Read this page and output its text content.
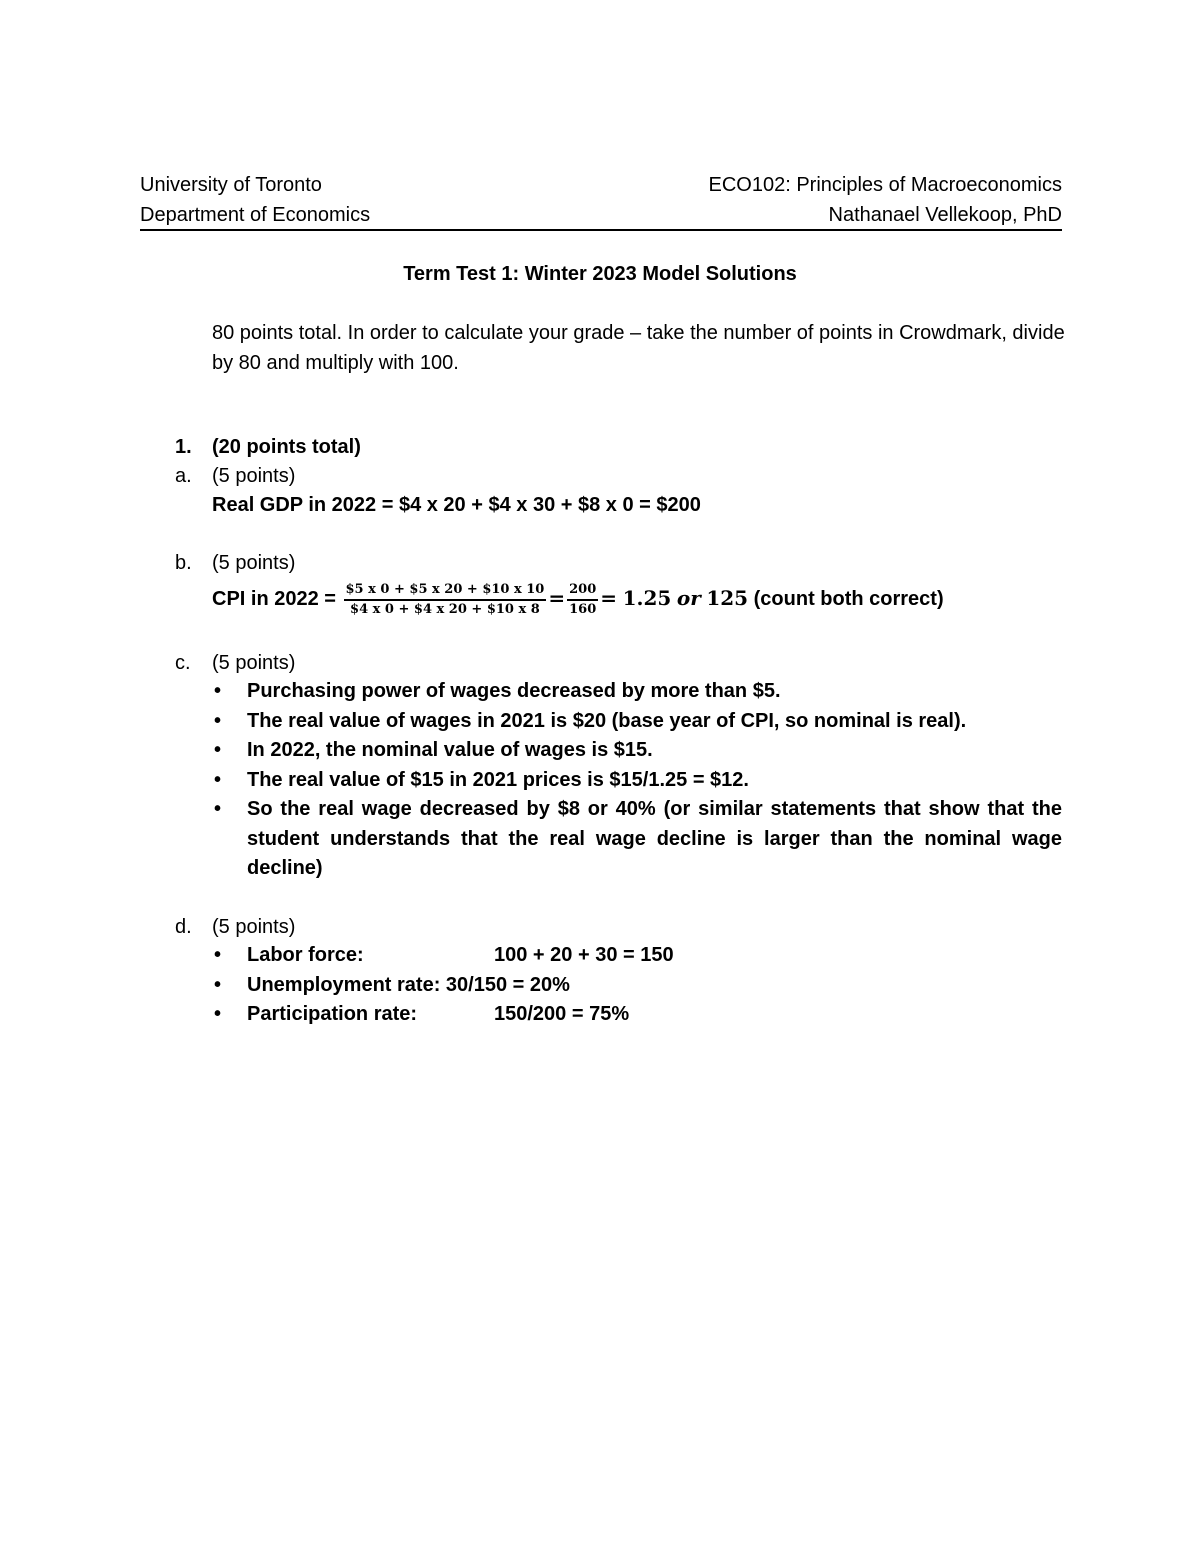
University of Toronto
Department of Economics
ECO102: Principles of Macroeconomics
Nathanael Vellekoop, PhD
Term Test 1: Winter 2023 Model Solutions
80 points total. In order to calculate your grade – take the number of points in Crowdmark, divide by 80 and multiply with 100.
1. (20 points total)
a. (5 points)
Real GDP in 2022 = $4 x 20 + $4 x 30 + $8 x 0 = $200
b. (5 points)
CPI in $2022 = \frac{\$5 x 0 + \$5 x 20 + \$10 x 10}{\$4 x 0 + \$4 x 20 + \$10 x 8} = \frac{200}{160} = 1.25$ or 125 (count both correct)
c. (5 points)
• Purchasing power of wages decreased by more than $5.
• The real value of wages in 2021 is $20 (base year of CPI, so nominal is real).
• In 2022, the nominal value of wages is $15.
• The real value of $15 in 2021 prices is $15/1.25 = $12.
• So the real wage decreased by $8 or 40% (or similar statements that show that the student understands that the real wage decline is larger than the nominal wage decline)
d. (5 points)
• Labor force:	100 + 20 + 30 = 150
• Unemployment rate: 30/150 = 20%
• Participation rate:	150/200 = 75%
